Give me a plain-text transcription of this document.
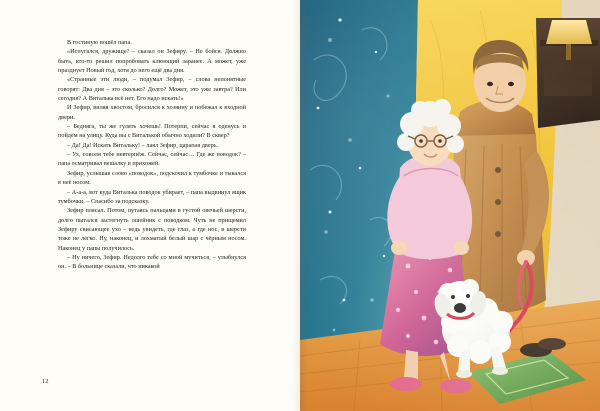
В гостиную вошёл папа.

«Испугался, дружище? – сказал он Зефиру. – Не бойся. Должно быть, кто-то решил попробовать клюющий заранее. А может, уже празднует Новый год, хотя до него ещё два дня.

«Странные эти люди, – подумал Зефир, – слова непонятные говорят: Два дня – это сколько? Долго? Может, это уже завтра? Или сегодня? А Виталька всё нет. Его надо искать!»

И Зефир, виляя хвостом, бросился к хозяину и побежал к входной двери.

– Бедняга, ты же гулять хочешь! Потерпи, сейчас я оденусь и пойдём на улицу. Куда вы с Виталькой обычно ходили? В сквер?

– Да! Да! Искать Витальку! – лаял Зефир, царапая дверь.

– Ух, совсем тебе невтерпёж. Сейчас, сейчас… Где же поводок? – папа осматривал вешалку в прихожей.

Зефир, услышав слово «поводок», подскочил к тумбочке и тыкался в неё носом.

– А-а-а, вот куда Виталька поводок убирает, – папа выдвинул ящик тумбочки. – Спасибо за подсказку.

Зефир плясал. Потом, путаясь пальцами в густой овечьей шерсти, долго пытался застегнуть ошейник с поводком. Чуть не прищемил Зефиру свисающее ухо – ведь увидеть, где глаз, а где нос, в шерсти тоже не легко. Ну, наконец, и лохматый белый шар с чёрным носом. Наконец у папы получилось.

– Ну ничего, Зефир. Недолго тебе со мной мучиться, – улыбнулся он. – В больнице сказали, что никакой

12
